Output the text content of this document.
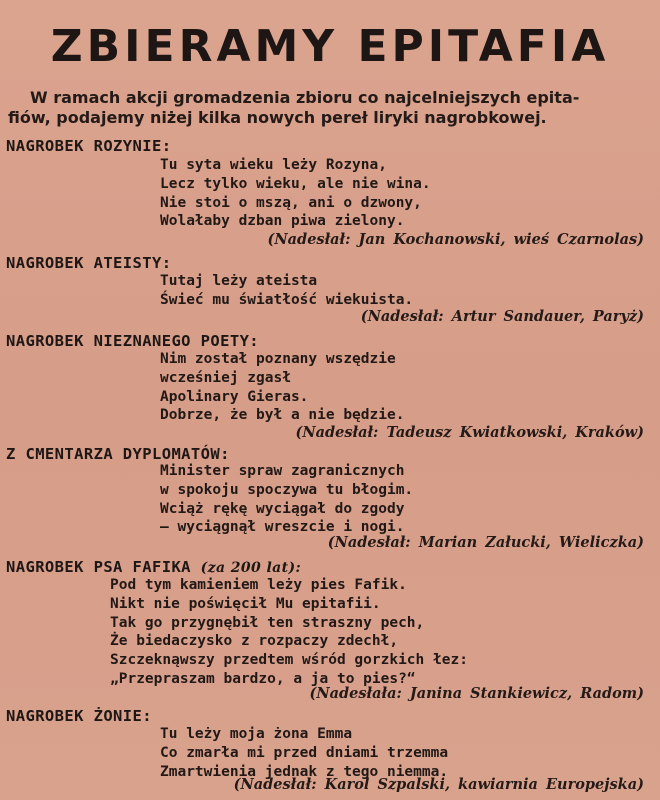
ZBIERAMY EPITAFIA
W ramach akcji gromadzenia zbioru co najcelniejszych epita-
fiów, podajemy niżej kilka nowych pereł liryki nagrobkowej.
NAGROBEK ROZYNIE:
Tu syta wieku leży Rozyna,
Lecz tylko wieku, ale nie wina.
Nie stoi o mszą, ani o dzwony,
Wolałaby dzban piwa zielony.
(Nadesłał: Jan Kochanowski, wieś Czarnolas)
NAGROBEK ATEISTY:
Tutaj leży ateista
Świeć mu światłość wiekuista.
(Nadesłał: Artur Sandauer, Paryż)
NAGROBEK NIEZNANEGO POETY:
Nim został poznany wszędzie
wcześniej zgasł
Apolinary Gieras.
Dobrze, że był a nie będzie.
(Nadesłał: Tadeusz Kwiatkowski, Kraków)
Z CMENTARZA DYPLOMATÓW:
Minister spraw zagranicznych
w spokoju spoczywa tu błogim.
Wciąż rękę wyciągał do zgody
— wyciągnął wreszcie i nogi.
(Nadesłał: Marian Załucki, Wieliczka)
NAGROBEK PSA FAFIKA (za 200 lat):
Pod tym kamieniem leży pies Fafik.
Nikt nie poświęcił Mu epitafii.
Tak go przygnębił ten straszny pech,
Że biedaczysko z rozpaczy zdechł,
Szczeknąwszy przedtem wśród gorzkich łez:
„Przepraszam bardzo, a ja to pies?“
(Nadesłała: Janina Stankiewicz, Radom)
NAGROBEK ŻONIE:
Tu leży moja żona Emma
Co zmarła mi przed dniami trzemma
Zmartwienia jednak z tego niemma.
(Nadesłał: Karol Szpalski, kawiarnia Europejska)
